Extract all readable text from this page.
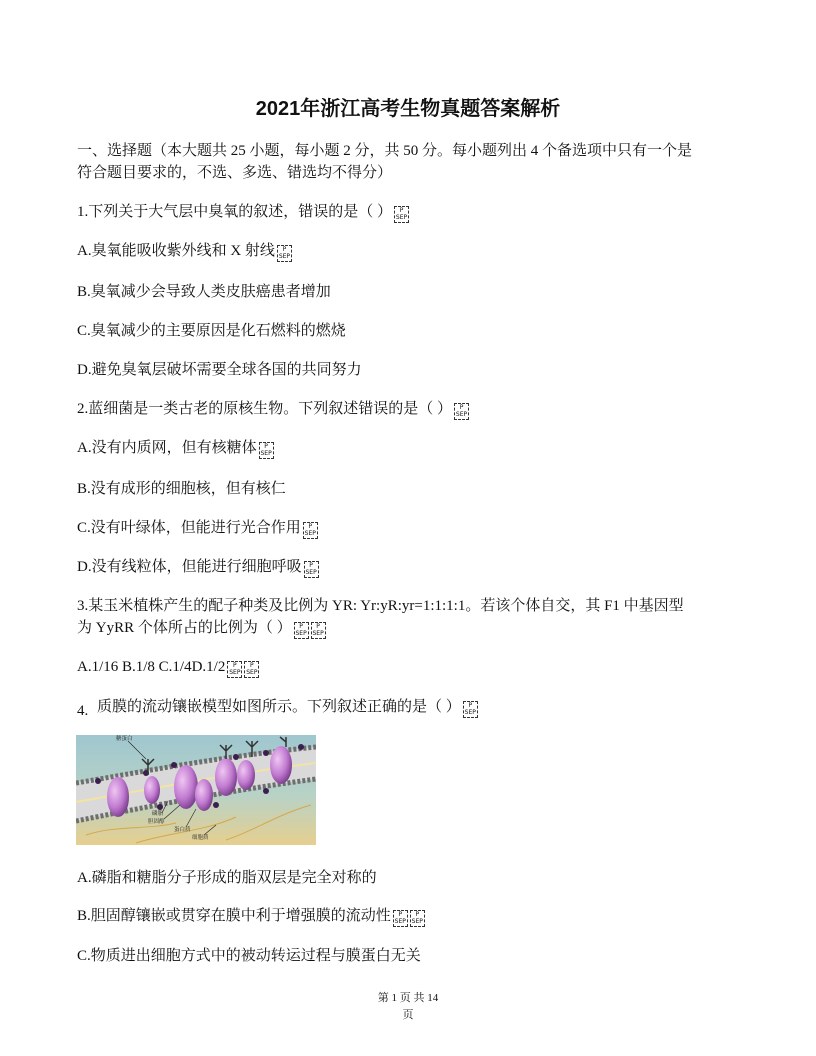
2021年浙江高考生物真题答案解析
一、选择题（本大题共 25 小题，每小题 2 分，共 50 分。每小题列出 4 个备选项中只有一个是
符合题目要求的，不选、多选、错选均不得分）
1.下列关于大气层中臭氧的叙述，错误的是（ ）	P
SEP
A.臭氧能吸收紫外线和 X 射线	P
SEP
B.臭氧减少会导致人类皮肤癌患者增加
C.臭氧减少的主要原因是化石燃料的燃烧
D.避免臭氧层破坏需要全球各国的共同努力
2.蓝细菌是一类古老的原核生物。下列叙述错误的是（ ）	P
SEP
A.没有内质网，但有核糖体	P
SEP
B.没有成形的细胞核，但有核仁
C.没有叶绿体，但能进行光合作用	P
SEP
D.没有线粒体，但能进行细胞呼吸	P
SEP
3.某玉米植株产生的配子种类及比例为 YR: Yr:yR:yr=1:1:1:1。若该个体自交，其 F1 中基因型
为 YyRR 个体所占的比例为（ ）	P
SEP
P
SEP
A.1/16 B.1/8 C.1/4D.1/2	P
SEP
P
SEP
4. 质膜的流动镶嵌模型如图所示。下列叙述正确的是（ ）	P
SEP
糖蛋白
磷脂
胆固醇
蛋白质
细胞质
A.磷脂和糖脂分子形成的脂双层是完全对称的
B.胆固醇镶嵌或贯穿在膜中利于增强膜的流动性	P
SEP
P
SEP
C.物质进出细胞方式中的被动转运过程与膜蛋白无关
第 1 页 共 14
页
